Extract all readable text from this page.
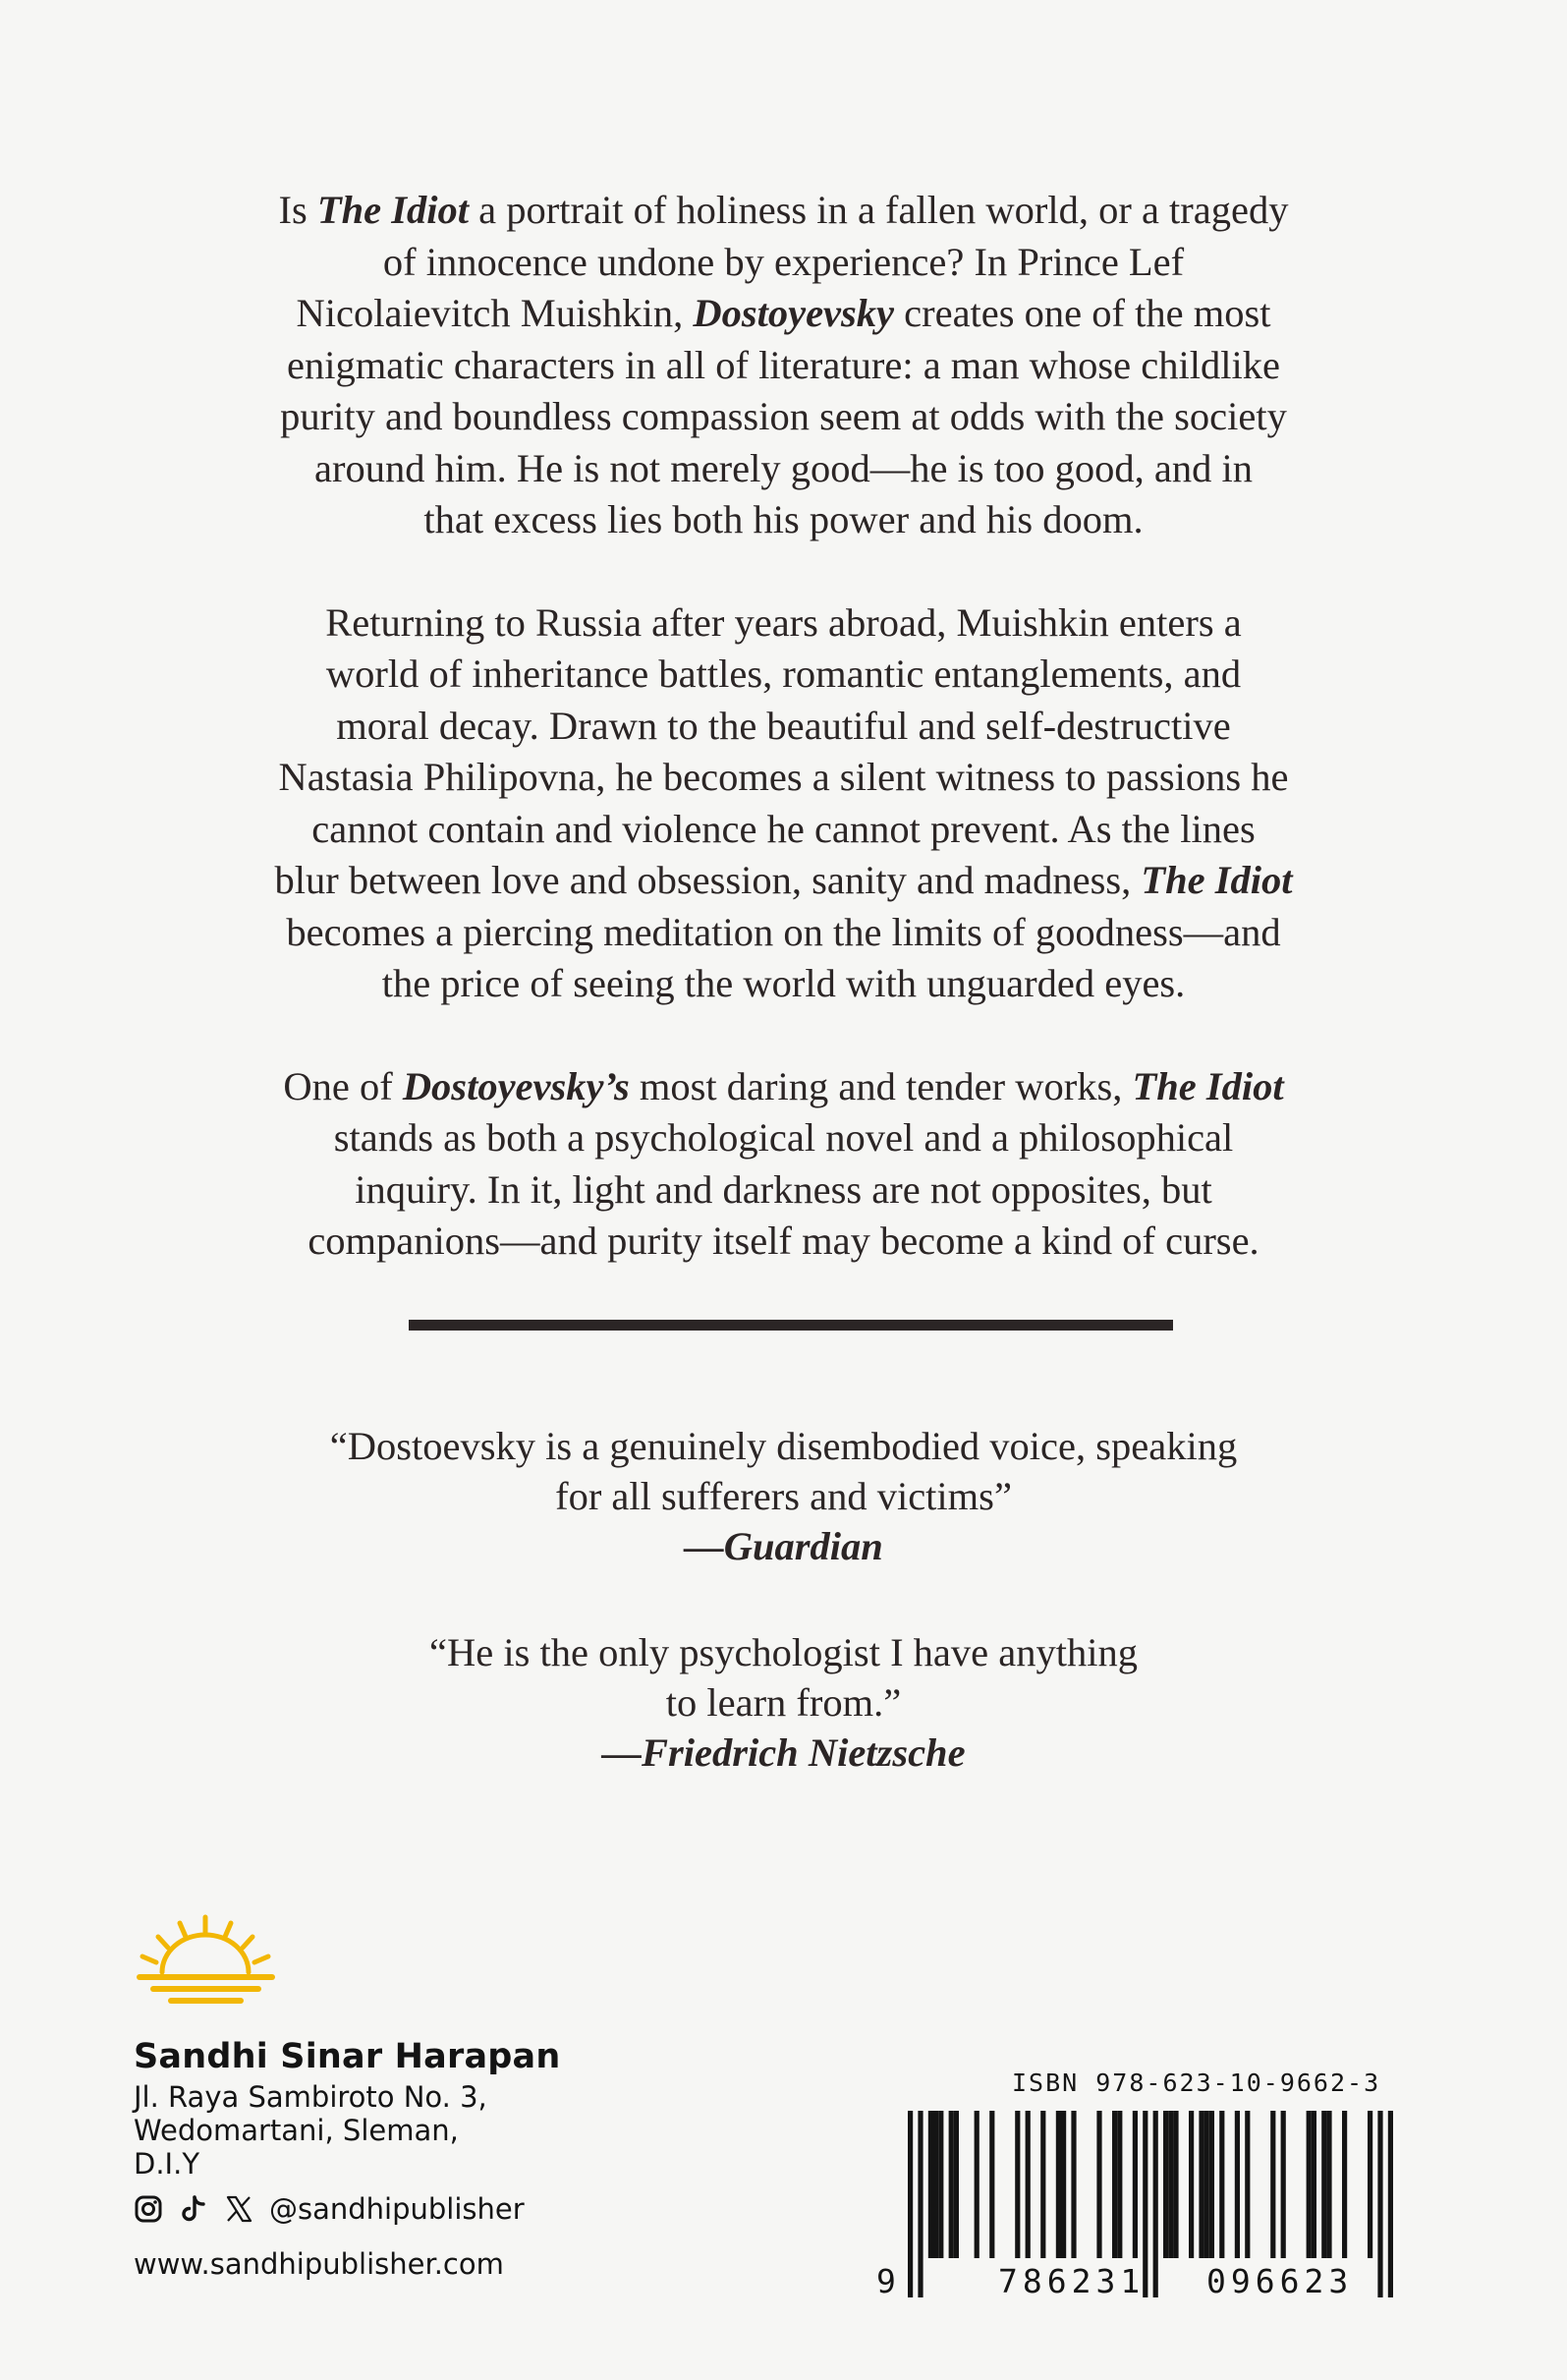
Is The Idiot a portrait of holiness in a fallen world, or a tragedy
of innocence undone by experience? In Prince Lef
Nicolaievitch Muishkin, Dostoyevsky creates one of the most
enigmatic characters in all of literature: a man whose childlike
purity and boundless compassion seem at odds with the society
around him. He is not merely good—he is too good, and in
that excess lies both his power and his doom.

Returning to Russia after years abroad, Muishkin enters a
world of inheritance battles, romantic entanglements, and
moral decay. Drawn to the beautiful and self-destructive
Nastasia Philipovna, he becomes a silent witness to passions he
cannot contain and violence he cannot prevent. As the lines
blur between love and obsession, sanity and madness, The Idiot
becomes a piercing meditation on the limits of goodness—and
the price of seeing the world with unguarded eyes.

One of Dostoyevsky’s most daring and tender works, The Idiot
stands as both a psychological novel and a philosophical
inquiry. In it, light and darkness are not opposites, but
companions—and purity itself may become a kind of curse.

“Dostoevsky is a genuinely disembodied voice, speaking
for all sufferers and victims”
—Guardian
“He is the only psychologist I have anything
to learn from.”
—Friedrich Nietzsche
Sandhi Sinar Harapan
Jl. Raya Sambiroto No. 3,
Wedomartani, Sleman,
D.I.Y
@sandhipublisher
www.sandhipublisher.com
ISBN 978-623-10-9662-3
9	786231 096623
